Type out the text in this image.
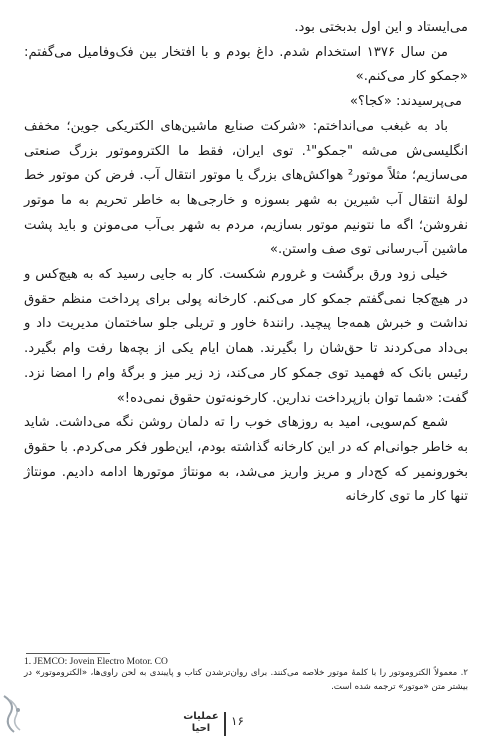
می‌ایستاد و این اول بدبختی بود.

من سال ۱۳۷۶ استخدام شدم. داغ بودم و با افتخار بین فک‌وفامیل می‌گفتم: «جمکو کار می‌کنم.»

می‌پرسیدند: «کجا؟»

باد به غبغب می‌انداختم: «شرکت صنایع ماشین‌های الکتریکی جوین؛ مخفف انگلیسی‌ش می‌شه "جمکو"¹. توی ایران، فقط ما الکتروموتور بزرگ صنعتی می‌سازیم؛ مثلاً موتور² هواکش‌های بزرگ یا موتور انتقال آب. فرض کن موتور خط لولهٔ انتقال آب شیرین به شهر بسوزه و خارجی‌ها به خاطر تحریم به ما موتور نفروشن؛ اگه ما نتونیم موتور بسازیم، مردم به شهر بی‌آب می‌مونن و باید پشت ماشین آب‌رسانی توی صف واستن.»

خیلی زود ورق برگشت و غرورم شکست. کار به جایی رسید که به هیچ‌کس و در هیچ‌کجا نمی‌گفتم جمکو کار می‌کنم. کارخانه پولی برای پرداخت منظم حقوق نداشت و خبرش همه‌جا پیچید. رانندهٔ خاور و تریلی جلو ساختمان مدیریت داد و بی‌داد می‌کردند تا حق‌شان را بگیرند. همان ایام یکی از بچه‌ها رفت وام بگیرد. رئیس بانک که فهمید توی جمکو کار می‌کند، زد زیر میز و برگهٔ وام را امضا نزد. گفت: «شما توان بازپرداخت ندارین. کارخونه‌تون حقوق نمی‌ده!»

شمع کم‌سویی، امید به روزهای خوب را ته دلمان روشن نگه می‌داشت. شاید به خاطر جوانی‌ام که در این کارخانه گذاشته بودم، این‌طور فکر می‌کردم. با حقوق بخورونمیر که کج‌دار و مریز واریز می‌شد، به مونتاژ موتورها ادامه دادیم. مونتاژ تنها کار ما توی کارخانه

1. JEMCO: Jovein Electro Motor. CO
۲. معمولاً الکتروموتور را با کلمهٔ موتور خلاصه می‌کنند. برای روان‌ترشدن کتاب و پایبندی به لحن راوی‌ها، «الکتروموتور» در بیشتر متن «موتور» ترجمه شده است.
عملیات
احیا
۱۶
